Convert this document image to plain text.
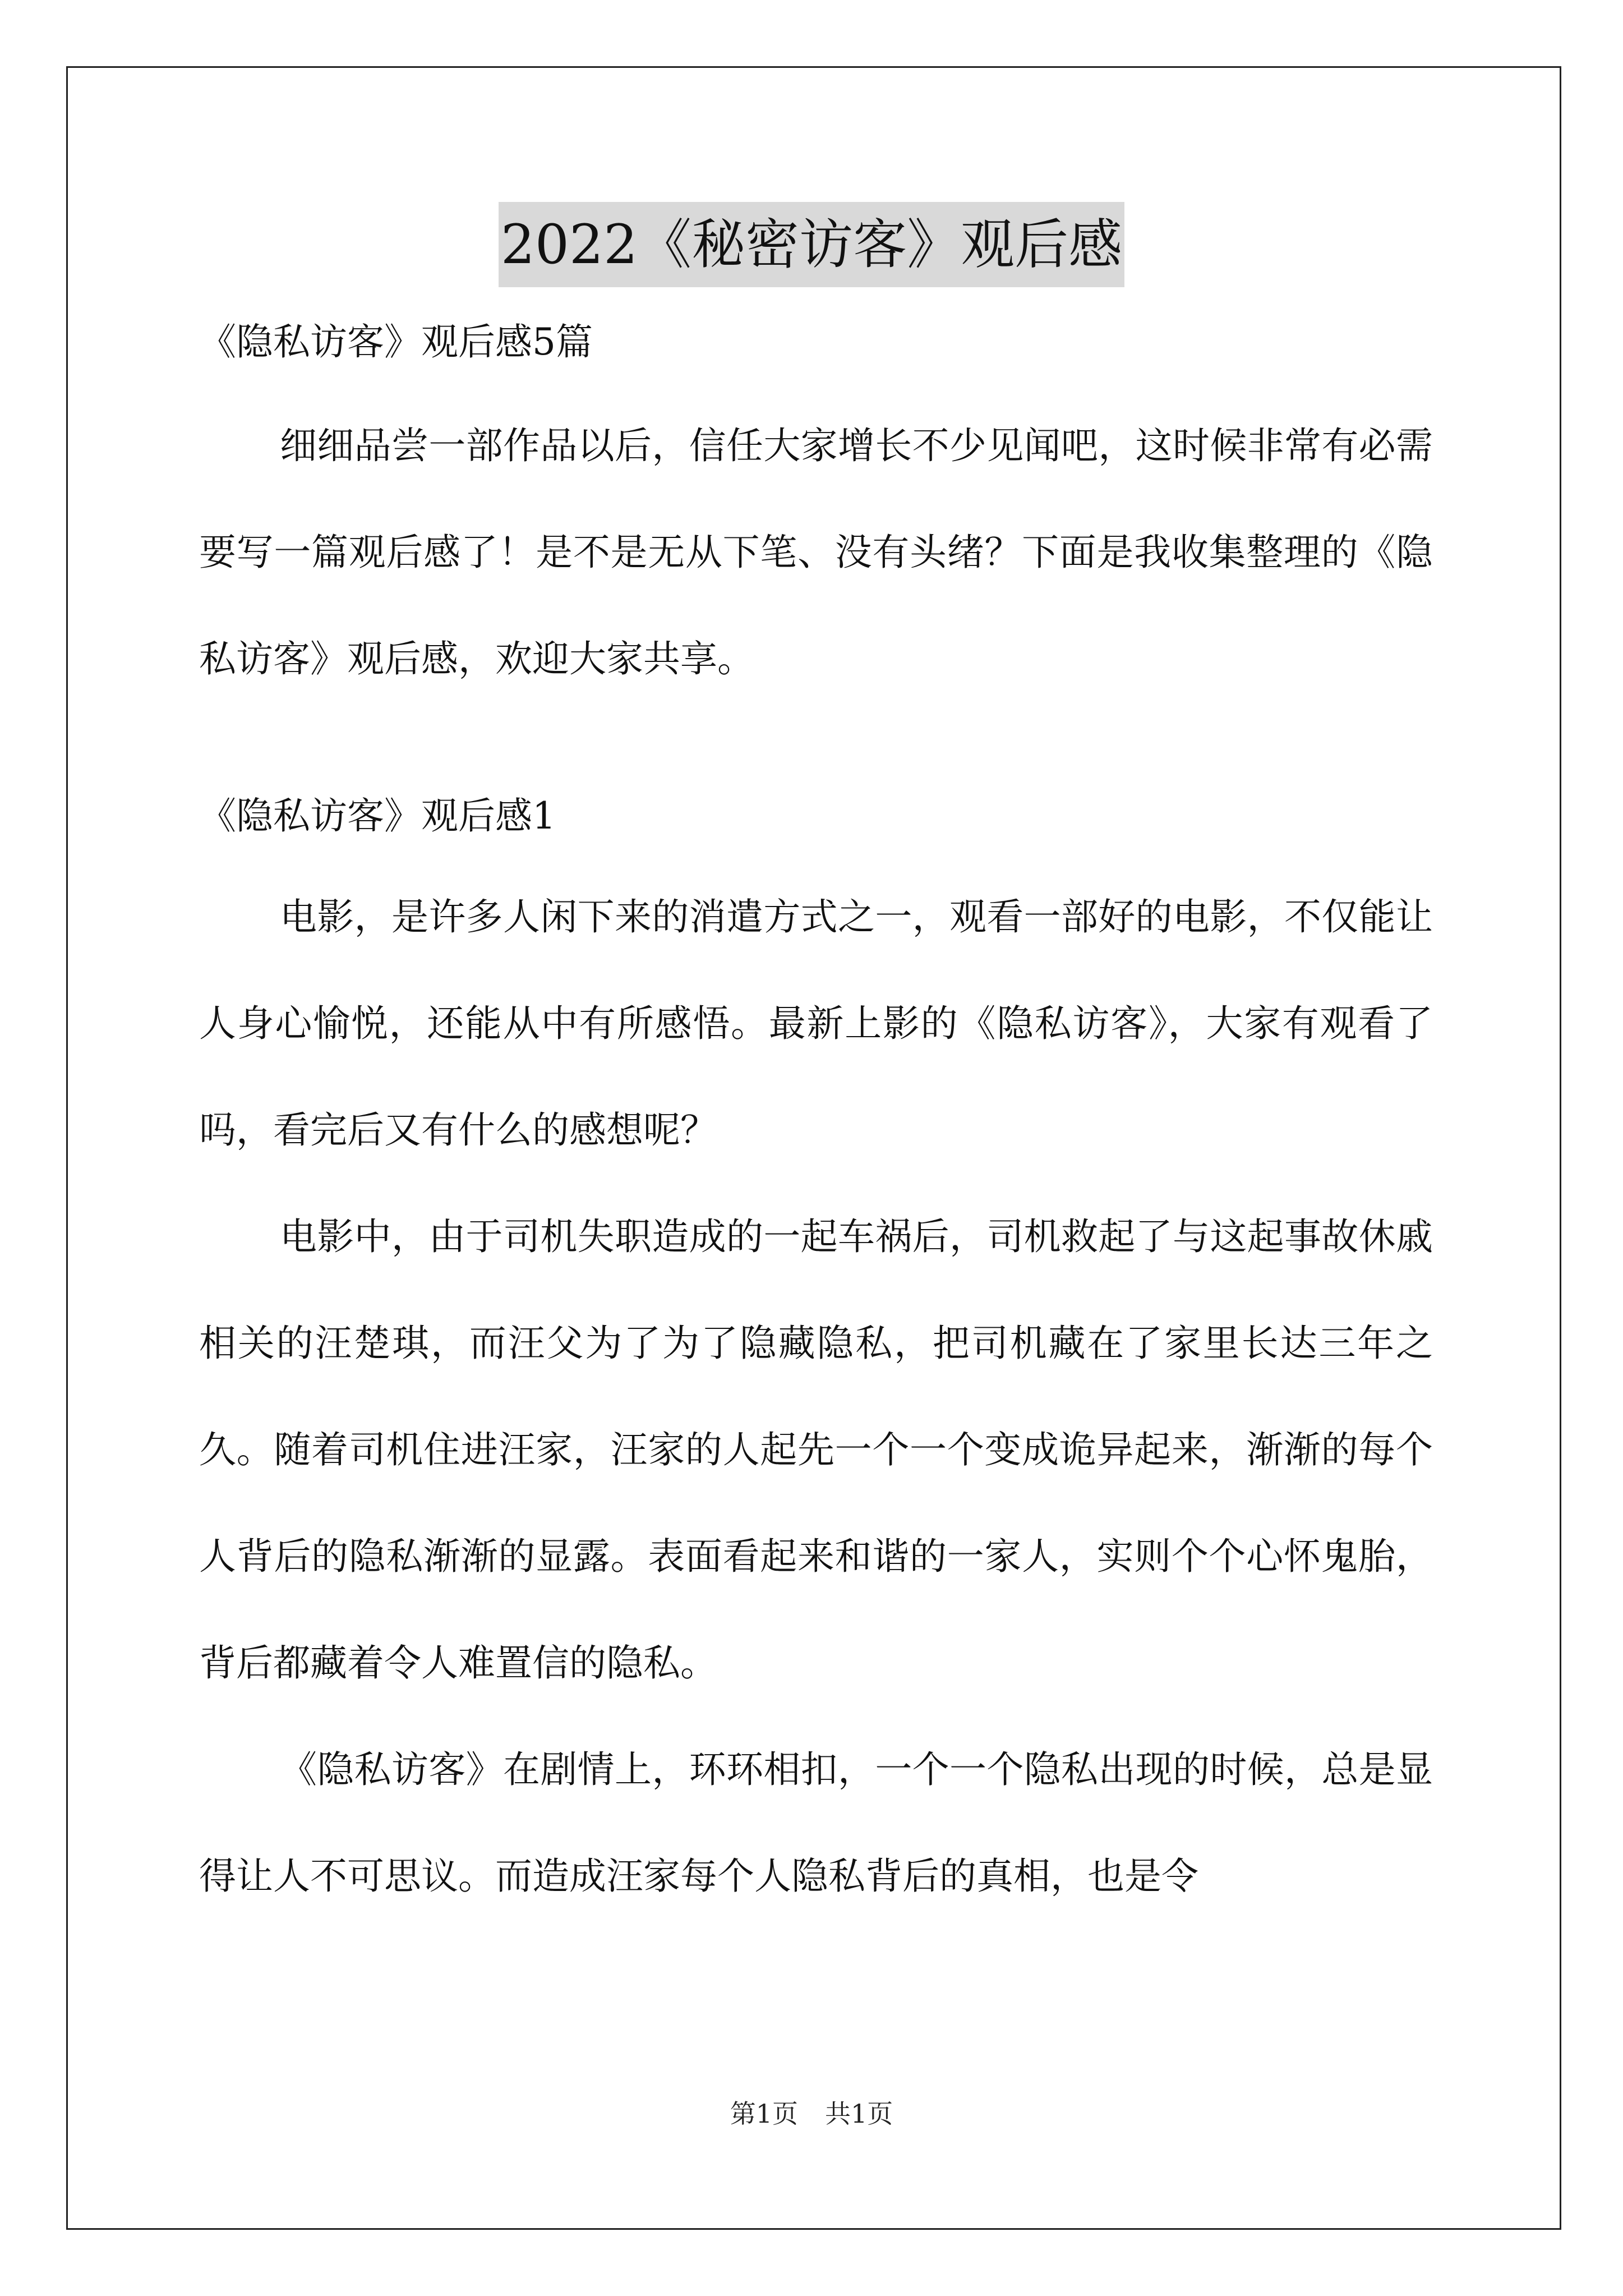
2022《秘密访客》观后感

《隐私访客》观后感5篇

细细品尝一部作品以后，信任大家增长不少见闻吧，这时候非常有必需要写一篇观后感了！是不是无从下笔、没有头绪？下面是我收集整理的《隐私访客》观后感，欢迎大家共享。

《隐私访客》观后感1

电影，是许多人闲下来的消遣方式之一，观看一部好的电影，不仅能让人身心愉悦，还能从中有所感悟。最新上影的《隐私访客》，大家有观看了吗，看完后又有什么的感想呢？

电影中，由于司机失职造成的一起车祸后，司机救起了与这起事故休戚相关的汪楚琪，而汪父为了为了隐藏隐私，把司机藏在了家里长达三年之久。随着司机住进汪家，汪家的人起先一个一个变成诡异起来，渐渐的每个人背后的隐私渐渐的显露。表面看起来和谐的一家人，实则个个心怀鬼胎，背后都藏着令人难置信的隐私。

《隐私访客》在剧情上，环环相扣，一个一个隐私出现的时候，总是显得让人不可思议。而造成汪家每个人隐私背后的真相，也是令

第1页 共1页
